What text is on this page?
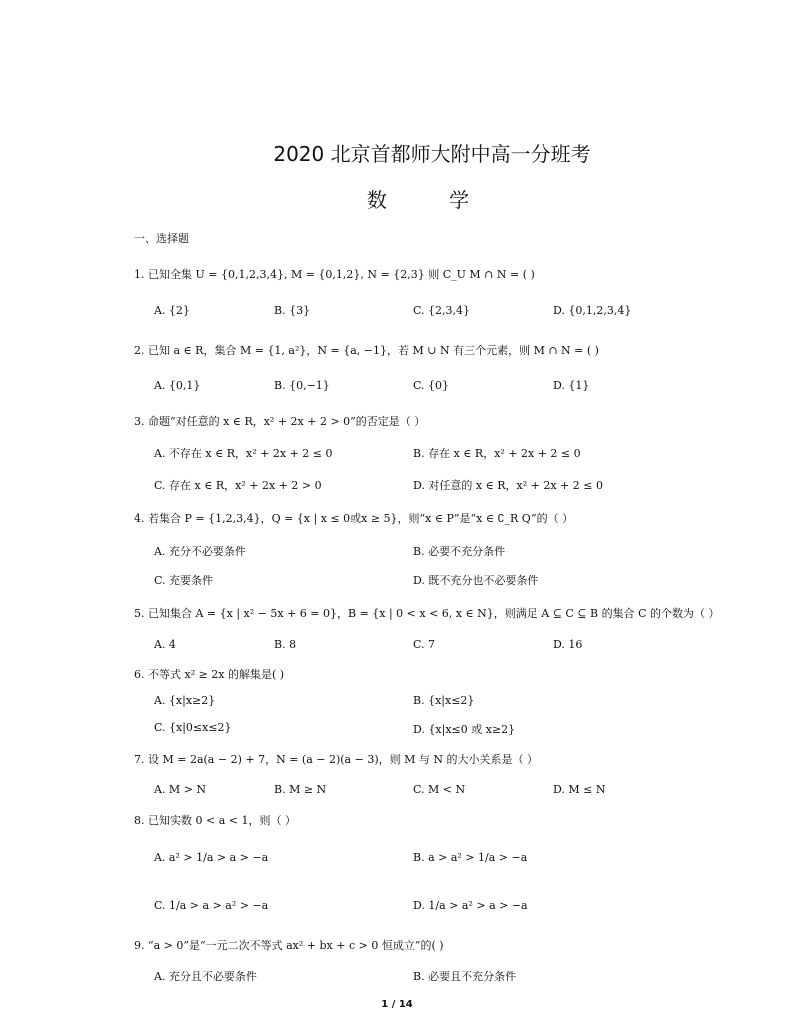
2020 北京首都师大附中高一分班考
数 学
一、选择题
1. 已知全集 U = {0,1,2,3,4}, M = {0,1,2}, N = {2,3} 则 C_U M ∩ N = ( )
A. {2}	B. {3}	C. {2,3,4}	D. {0,1,2,3,4}
2. 已知 a ∈ R，集合 M = {1, a²}，N = {a, −1}，若 M ∪ N 有三个元素，则 M ∩ N = ( )
A. {0,1}	B. {0,−1}	C. {0}	D. {1}
3. 命题“对任意的 x ∈ R，x² + 2x + 2 > 0”的否定是（ ）
A. 不存在 x ∈ R，x² + 2x + 2 ≤ 0	B. 存在 x ∈ R，x² + 2x + 2 ≤ 0
C. 存在 x ∈ R，x² + 2x + 2 > 0	D. 对任意的 x ∈ R，x² + 2x + 2 ≤ 0
4. 若集合 P = {1,2,3,4}，Q = {x | x ≤ 0或x ≥ 5}，则“x ∈ P”是“x ∈ ∁_R Q”的（ ）
A. 充分不必要条件	B. 必要不充分条件
C. 充要条件	D. 既不充分也不必要条件
5. 已知集合 A = {x | x² − 5x + 6 = 0}，B = {x | 0 < x < 6, x ∈ N}，则满足 A ⊆ C ⊆ B 的集合 C 的个数为（ ）
A. 4	B. 8	C. 7	D. 16
6. 不等式 x² ≥ 2x 的解集是( )
A. {x|x≥2}	B. {x|x≤2}
C. {x|0≤x≤2}	D. {x|x≤0 或 x≥2}
7. 设 M = 2a(a − 2) + 7，N = (a − 2)(a − 3)，则 M 与 N 的大小关系是（ ）
A. M > N	B. M ≥ N	C. M < N	D. M ≤ N
8. 已知实数 0 < a < 1，则（ ）
A. a² > 1/a > a > −a	B. a > a² > 1/a > −a
C. 1/a > a > a² > −a	D. 1/a > a² > a > −a
9. “a > 0”是“一元二次不等式 ax² + bx + c > 0 恒成立”的( )
A. 充分且不必要条件	B. 必要且不充分条件
1 / 14
